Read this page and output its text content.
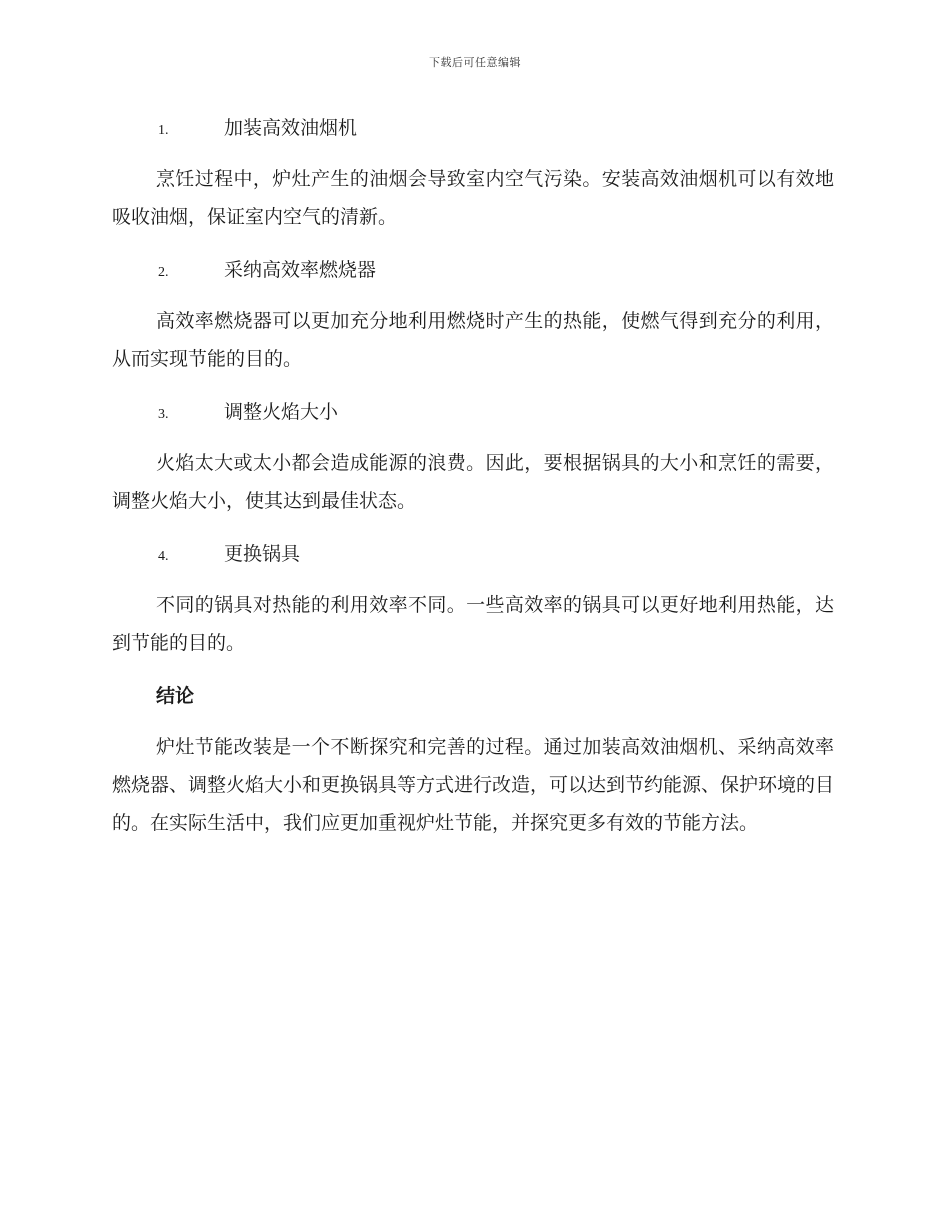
下载后可任意编辑
1.	加装高效油烟机

烹饪过程中，炉灶产生的油烟会导致室内空气污染。安装高效油烟机可以有效地吸收油烟，保证室内空气的清新。

2.	采纳高效率燃烧器

高效率燃烧器可以更加充分地利用燃烧时产生的热能，使燃气得到充分的利用，从而实现节能的目的。

3.	调整火焰大小

火焰太大或太小都会造成能源的浪费。因此，要根据锅具的大小和烹饪的需要，调整火焰大小，使其达到最佳状态。

4.	更换锅具

不同的锅具对热能的利用效率不同。一些高效率的锅具可以更好地利用热能，达到节能的目的。

结论

炉灶节能改装是一个不断探究和完善的过程。通过加装高效油烟机、采纳高效率燃烧器、调整火焰大小和更换锅具等方式进行改造，可以达到节约能源、保护环境的目的。在实际生活中，我们应更加重视炉灶节能，并探究更多有效的节能方法。
